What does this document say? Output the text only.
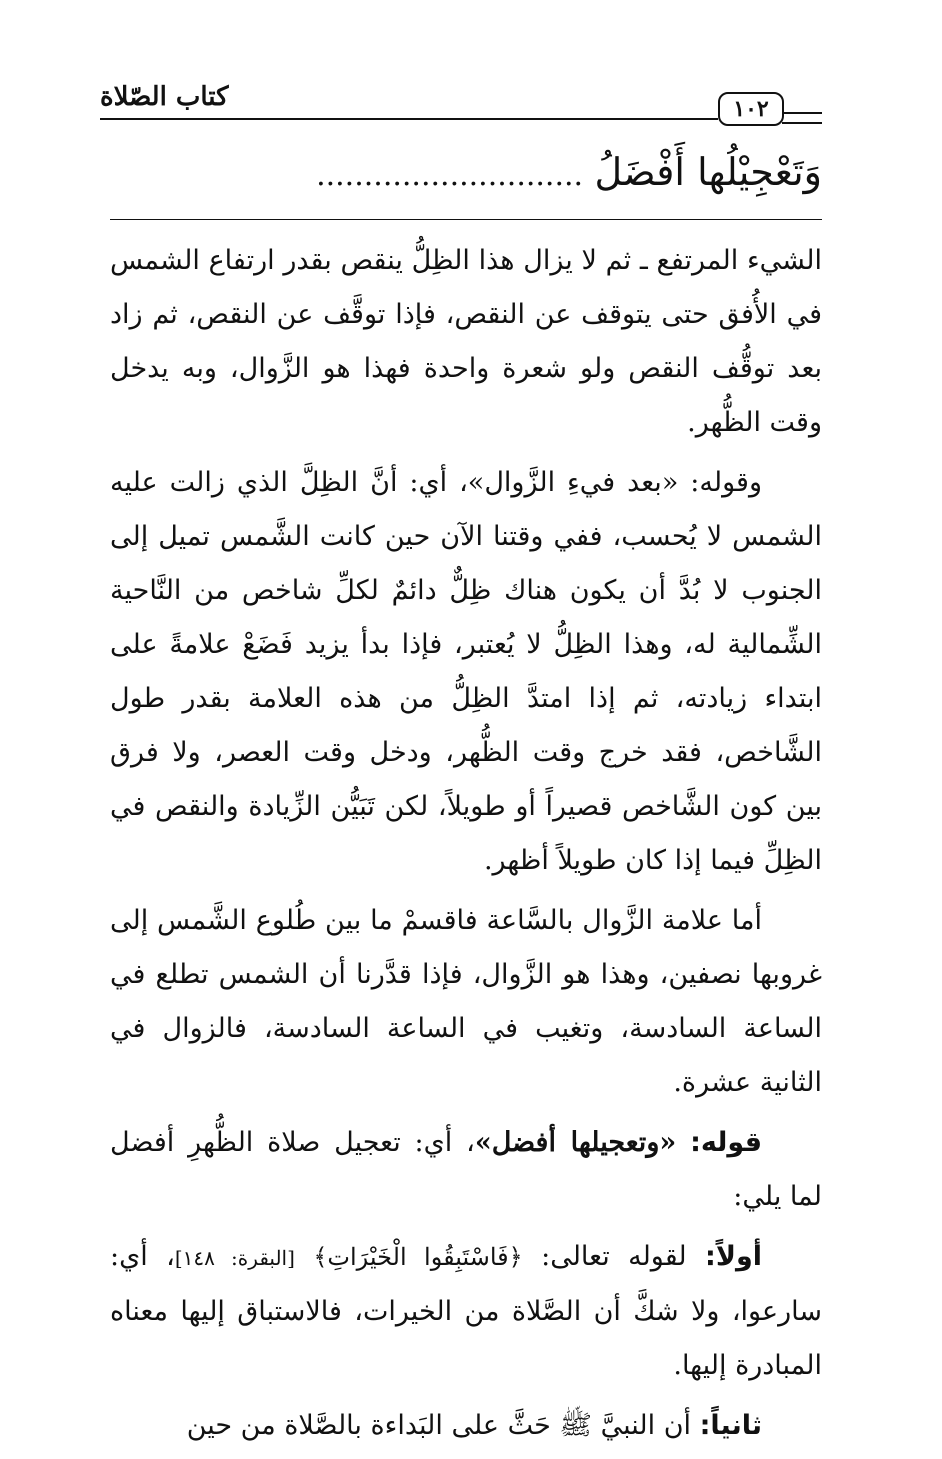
كتاب الصّلاة	١٠٢
وَتَعْجِيْلُها أَفْضَلُ ............................

الشيء المرتفع ـ ثم لا يزال هذا الظِلُّ ينقص بقدر ارتفاع الشمس في الأُفق حتى يتوقف عن النقص، فإذا توقَّف عن النقص، ثم زاد بعد توقُّف النقص ولو شعرة واحدة فهذا هو الزَّوال، وبه يدخل وقت الظُّهر.

وقوله: «بعد فيءِ الزَّوال»، أي: أنَّ الظِلَّ الذي زالت عليه الشمس لا يُحسب، ففي وقتنا الآن حين كانت الشَّمس تميل إلى الجنوب لا بُدَّ أن يكون هناك ظِلٌّ دائمٌ لكلِّ شاخص من النَّاحية الشِّمالية له، وهذا الظِلُّ لا يُعتبر، فإذا بدأ يزيد فَضَعْ علامةً على ابتداء زيادته، ثم إذا امتدَّ الظِلُّ من هذه العلامة بقدر طول الشَّاخص، فقد خرج وقت الظُّهر، ودخل وقت العصر، ولا فرق بين كون الشَّاخص قصيراً أو طويلاً، لكن تَبَيُّن الزِّيادة والنقص في الظِلِّ فيما إذا كان طويلاً أظهر.

أما علامة الزَّوال بالسَّاعة فاقسمْ ما بين طُلوع الشَّمس إلى غروبها نصفين، وهذا هو الزَّوال، فإذا قدَّرنا أن الشمس تطلع في الساعة السادسة، وتغيب في الساعة السادسة، فالزوال في الثانية عشرة.

قوله: «وتعجيلها أفضل»، أي: تعجيل صلاة الظُّهرِ أفضل لما يلي:

أولاً: لقوله تعالى: ﴿فَاسْتَبِقُوا الْخَيْرَاتِ﴾ [البقرة: ١٤٨]، أي: سارعوا، ولا شكَّ أن الصَّلاة من الخيرات، فالاستباق إليها معناه المبادرة إليها.

ثانياً: أن النبيَّ ﷺ حَثَّ على البَداءة بالصَّلاة من حين
